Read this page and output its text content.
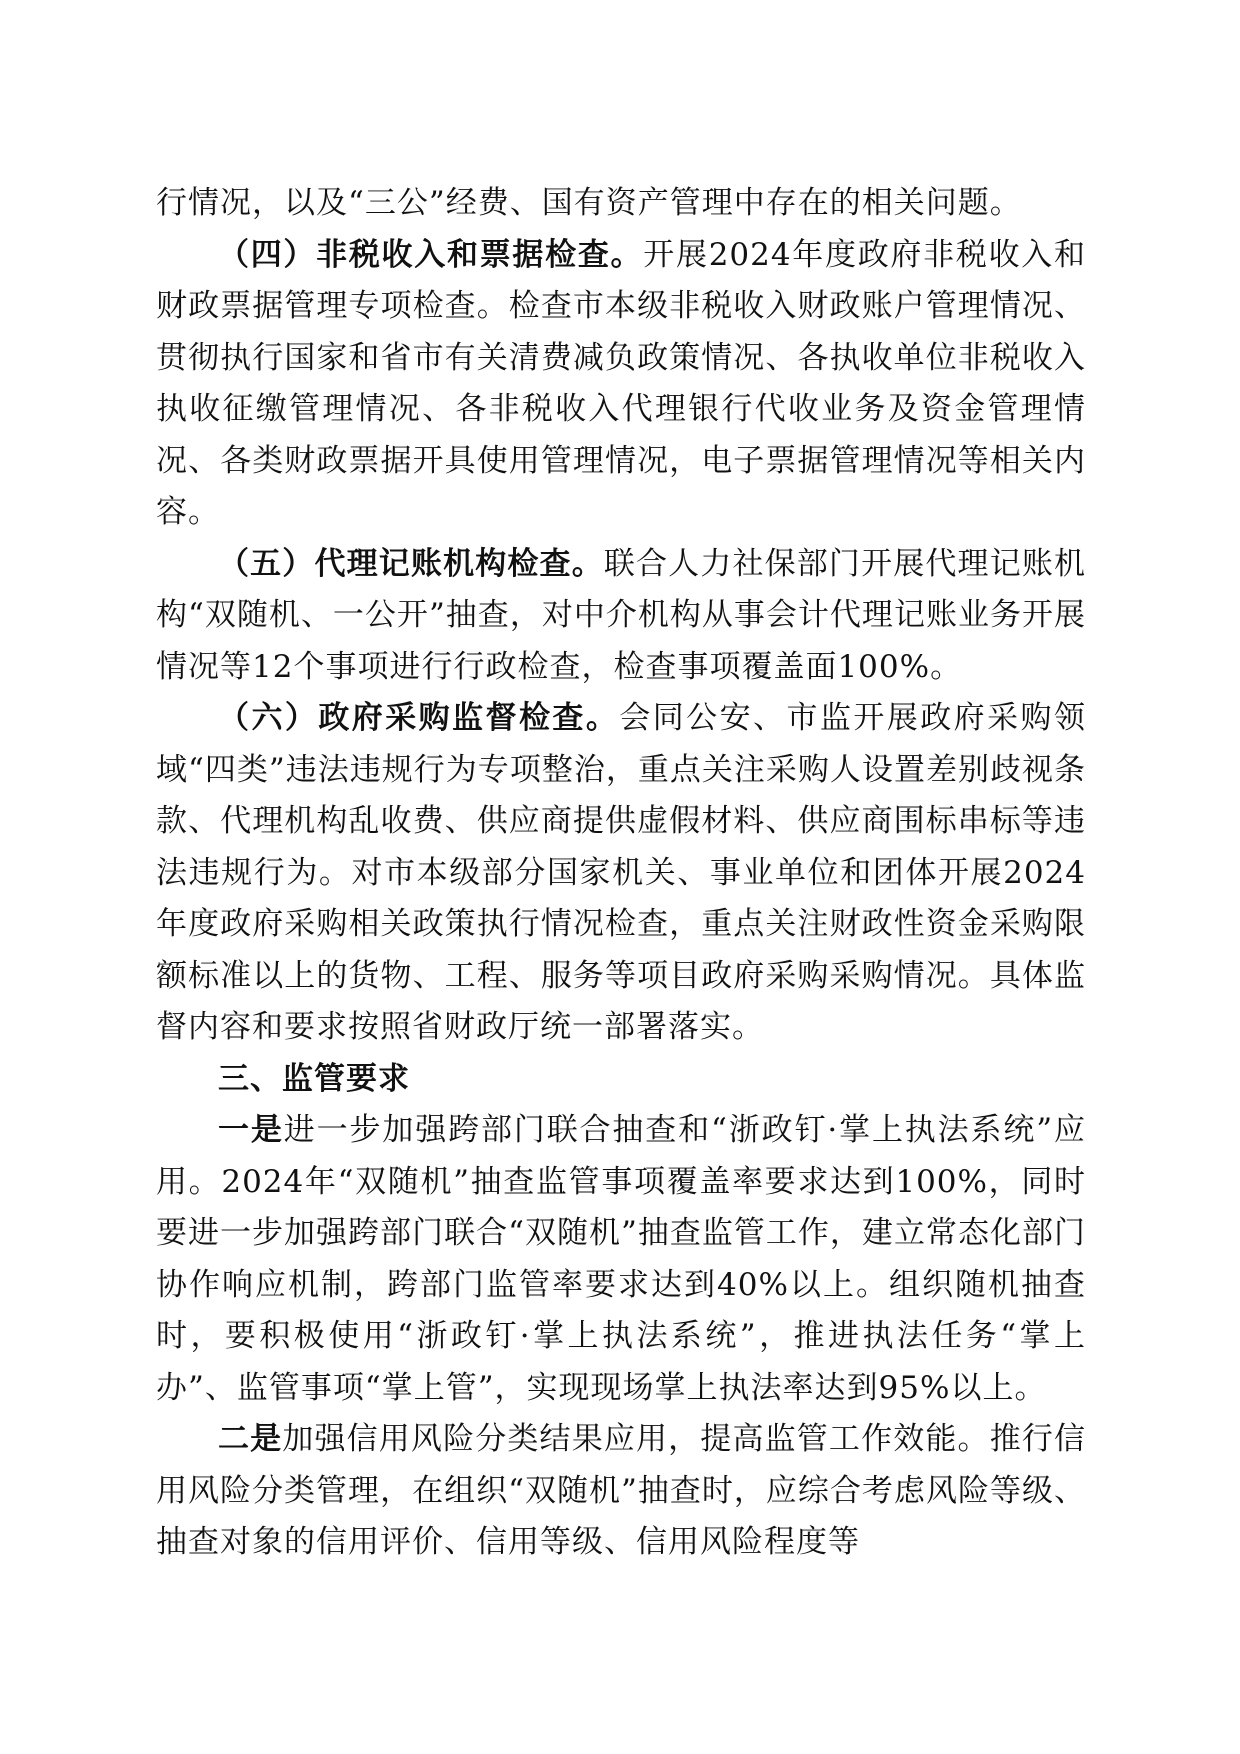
行情况，以及“三公”经费、国有资产管理中存在的相关问题。

（四）非税收入和票据检查。开展2024年度政府非税收入和财政票据管理专项检查。检查市本级非税收入财政账户管理情况、贯彻执行国家和省市有关清费减负政策情况、各执收单位非税收入执收征缴管理情况、各非税收入代理银行代收业务及资金管理情况、各类财政票据开具使用管理情况，电子票据管理情况等相关内容。

（五）代理记账机构检查。联合人力社保部门开展代理记账机构“双随机、一公开”抽查，对中介机构从事会计代理记账业务开展情况等12个事项进行行政检查，检查事项覆盖面100%。

（六）政府采购监督检查。会同公安、市监开展政府采购领域“四类”违法违规行为专项整治，重点关注采购人设置差别歧视条款、代理机构乱收费、供应商提供虚假材料、供应商围标串标等违法违规行为。对市本级部分国家机关、事业单位和团体开展2024年度政府采购相关政策执行情况检查，重点关注财政性资金采购限额标准以上的货物、工程、服务等项目政府采购采购情况。具体监督内容和要求按照省财政厅统一部署落实。

三、监管要求

一是进一步加强跨部门联合抽查和“浙政钉·掌上执法系统”应用。2024年“双随机”抽查监管事项覆盖率要求达到100%，同时要进一步加强跨部门联合“双随机”抽查监管工作，建立常态化部门协作响应机制，跨部门监管率要求达到40%以上。组织随机抽查时，要积极使用“浙政钉·掌上执法系统”，推进执法任务“掌上办”、监管事项“掌上管”，实现现场掌上执法率达到95%以上。

二是加强信用风险分类结果应用，提高监管工作效能。推行信用风险分类管理，在组织“双随机”抽查时，应综合考虑风险等级、抽查对象的信用评价、信用等级、信用风险程度等
